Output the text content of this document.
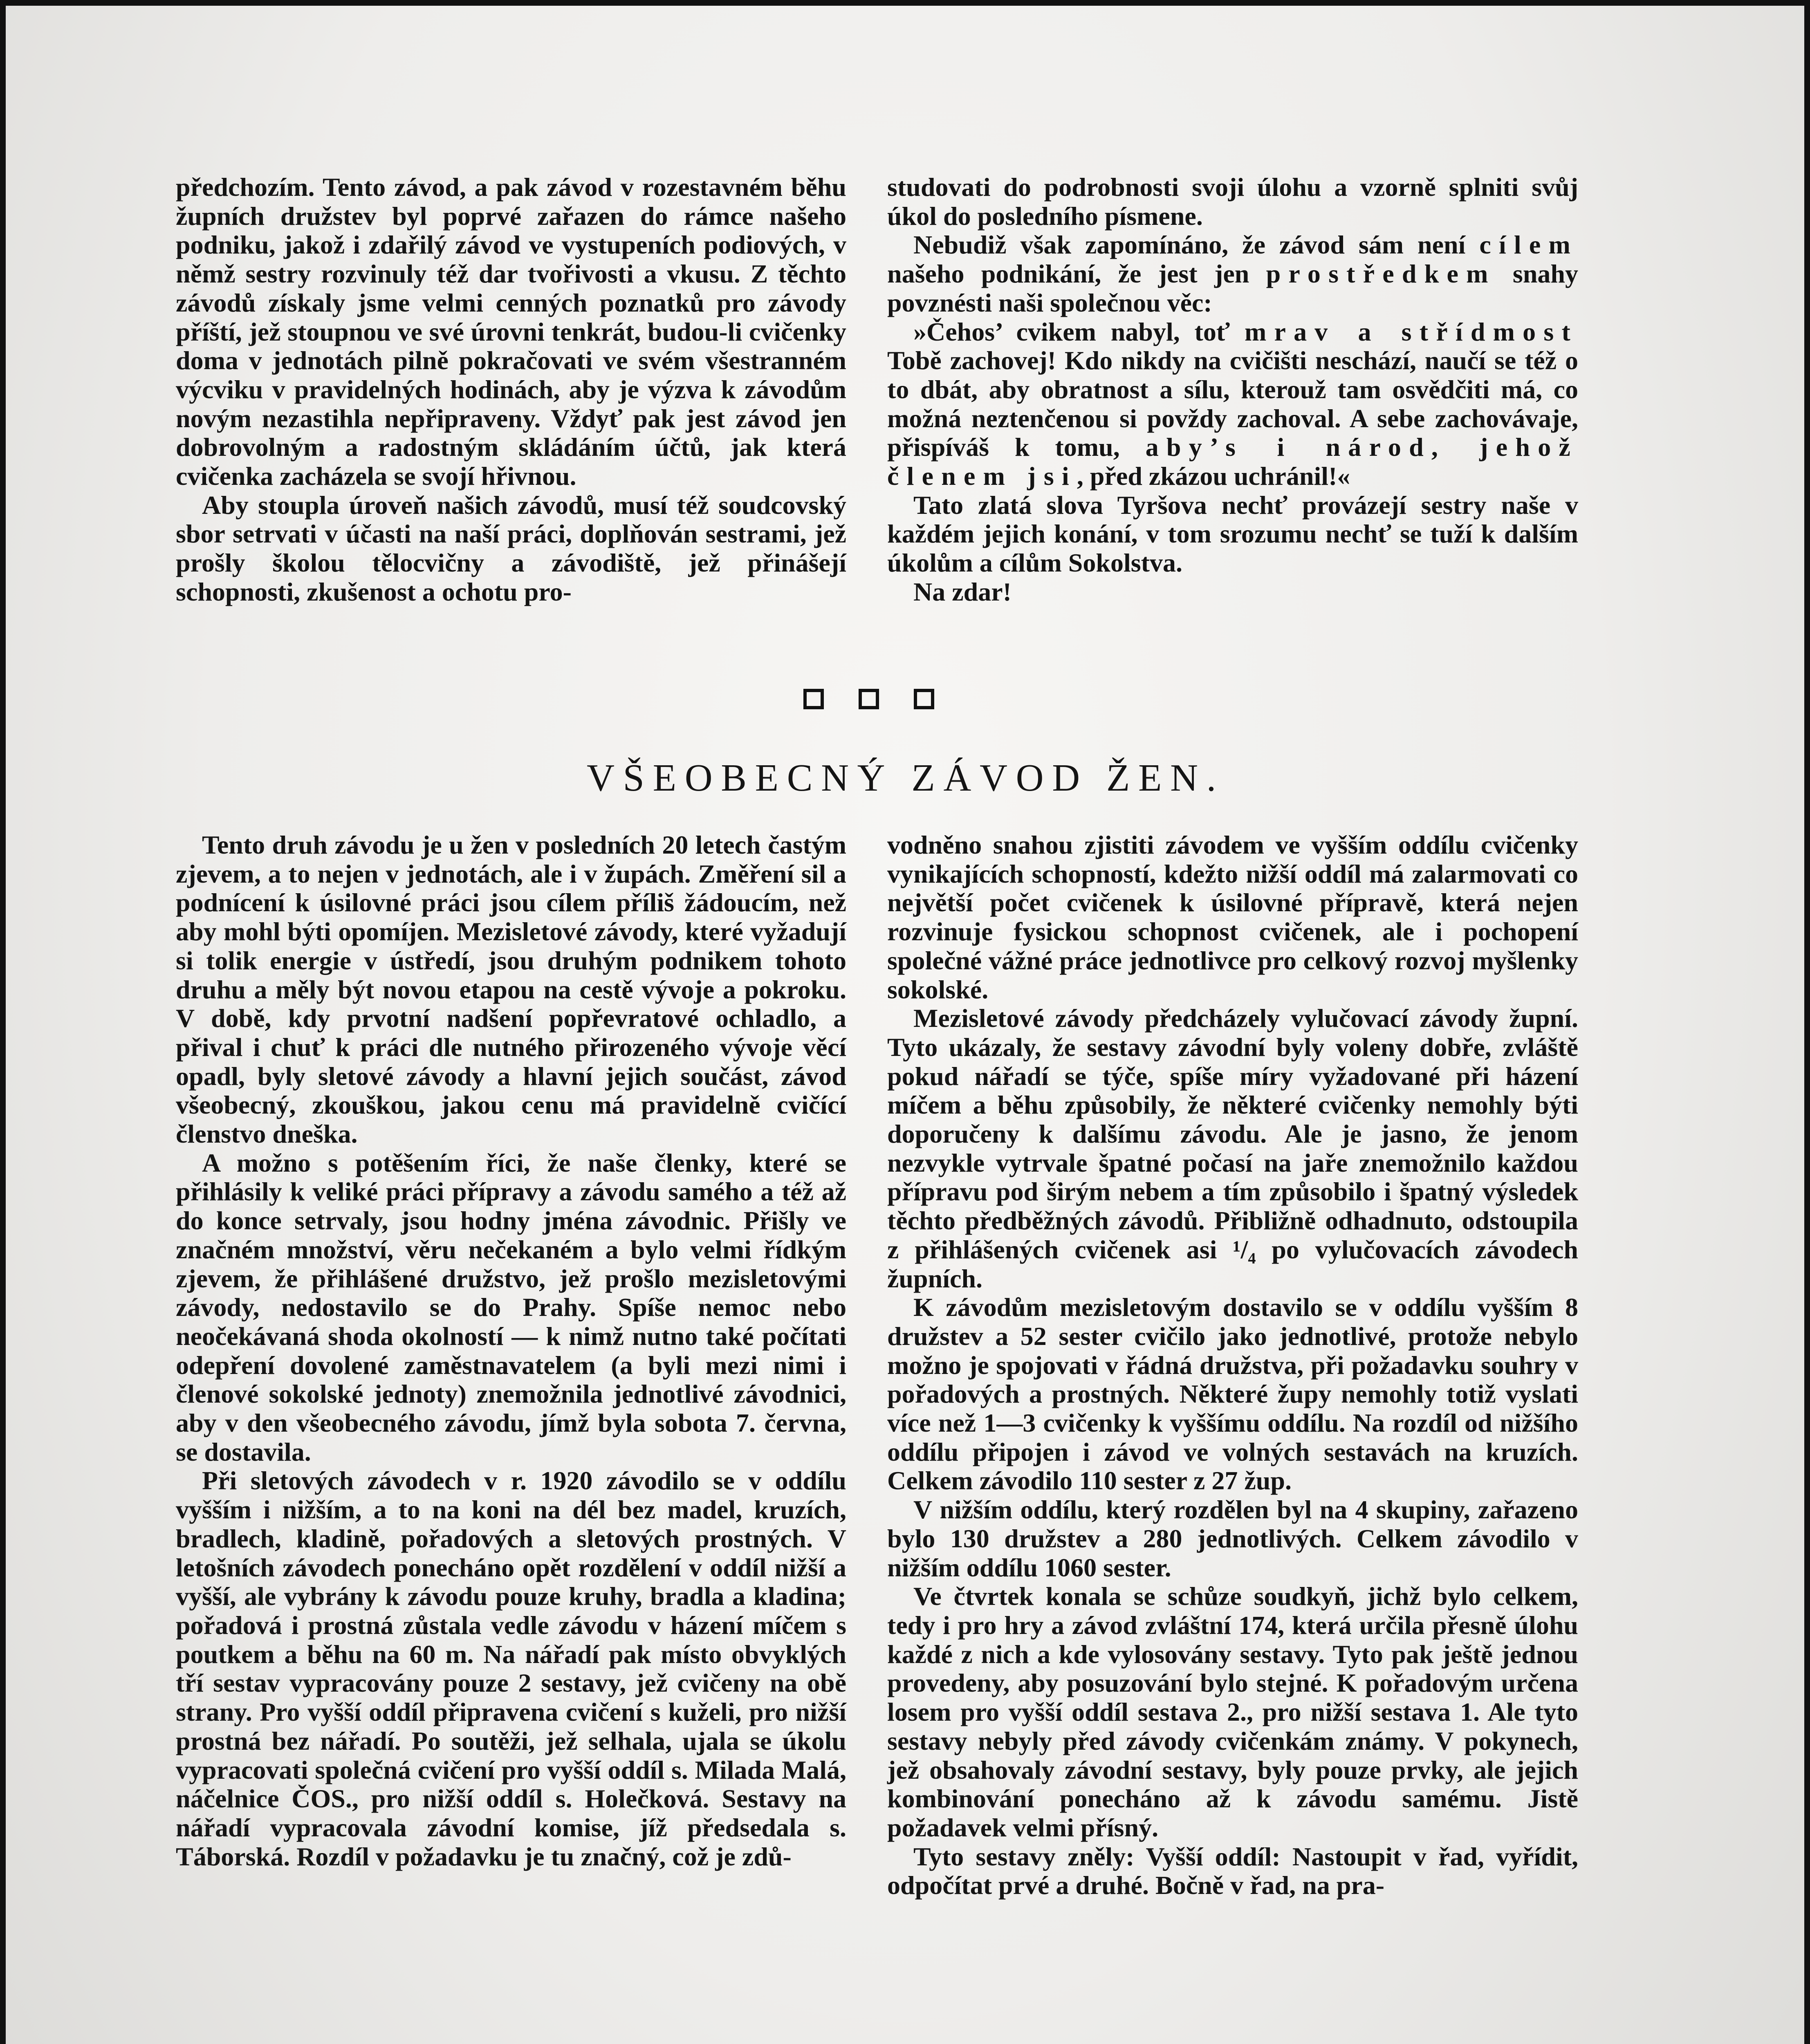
předchozím. Tento závod, a pak závod v rozestavném běhu župních družstev byl poprvé zařazen do rámce našeho podniku, jakož i zdařilý závod ve vystupeních podiových, v němž sestry rozvinuly též dar tvořivosti a vkusu. Z těchto závodů získaly jsme velmi cenných poznatků pro závody příští, jež stoupnou ve své úrovni tenkrát, budou-li cvičenky doma v jednotách pilně pokračovati ve svém všestranném výcviku v pravidelných hodinách, aby je výzva k závodům novým nezastihla nepřipraveny. Vždyť pak jest závod jen dobrovolným a radostným skládáním účtů, jak která cvičenka zacházela se svojí hřivnou.

Aby stoupla úroveň našich závodů, musí též soudcovský sbor setrvati v účasti na naší práci, doplňován sestrami, jež prošly školou tělocvičny a závodiště, jež přinášejí schopnosti, zkušenost a ochotu pro-

studovati do podrobnosti svoji úlohu a vzorně splniti svůj úkol do posledního písmene.

Nebudiž však zapomínáno, že závod sám není cílem našeho podnikání, že jest jen prostředkem snahy povznésti naši společnou věc:

»Čehos’ cvikem nabyl, toť mrav a střídmost Tobě zachovej! Kdo nikdy na cvičišti neschází, naučí se též o to dbát, aby obratnost a sílu, kterouž tam osvědčiti má, co možná neztenčenou si povždy zachoval. A sebe zachovávaje, přispíváš k tomu, aby’s i národ, jehož členem jsi, před zkázou uchránil!«

Tato zlatá slova Tyršova nechť provázejí sestry naše v každém jejich konání, v tom srozumu nechť se tuží k dalším úkolům a cílům Sokolstva.

Na zdar!

VŠEOBECNÝ ZÁVOD ŽEN.

Tento druh závodu je u žen v posledních 20 letech častým zjevem, a to nejen v jednotách, ale i v župách. Změření sil a podnícení k úsilovné práci jsou cílem příliš žádoucím, než aby mohl býti opomíjen. Mezisletové závody, které vyžadují si tolik energie v ústředí, jsou druhým podnikem tohoto druhu a měly být novou etapou na cestě vývoje a pokroku. V době, kdy prvotní nadšení popřevratové ochladlo, a přival i chuť k práci dle nutného přirozeného vývoje věcí opadl, byly sletové závody a hlavní jejich součást, závod všeobecný, zkouškou, jakou cenu má pravidelně cvičící členstvo dneška.

A možno s potěšením říci, že naše členky, které se přihlásily k veliké práci přípravy a závodu samého a též až do konce setrvaly, jsou hodny jména závodnic. Přišly ve značném množství, věru nečekaném a bylo velmi řídkým zjevem, že přihlášené družstvo, jež prošlo mezisletovými závody, nedostavilo se do Prahy. Spíše nemoc nebo neočekávaná shoda okolností — k nimž nutno také počítati odepření dovolené zaměstnavatelem (a byli mezi nimi i členové sokolské jednoty) znemožnila jednotlivé závodnici, aby v den všeobecného závodu, jímž byla sobota 7. června, se dostavila.

Při sletových závodech v r. 1920 závodilo se v oddílu vyšším i nižším, a to na koni na dél bez madel, kruzích, bradlech, kladině, pořadových a sletových prostných. V letošních závodech ponecháno opět rozdělení v oddíl nižší a vyšší, ale vybrány k závodu pouze kruhy, bradla a kladina; pořadová i prostná zůstala vedle závodu v házení míčem s poutkem a běhu na 60 m. Na nářadí pak místo obvyklých tří sestav vypracovány pouze 2 sestavy, jež cvičeny na obě strany. Pro vyšší oddíl připravena cvičení s kuželi, pro nižší prostná bez nářadí. Po soutěži, jež selhala, ujala se úkolu vypracovati společná cvičení pro vyšší oddíl s. Milada Malá, náčelnice ČOS., pro nižší oddíl s. Holečková. Sestavy na nářadí vypracovala závodní komise, jíž předsedala s. Táborská. Rozdíl v požadavku je tu značný, což je zdů-

vodněno snahou zjistiti závodem ve vyšším oddílu cvičenky vynikajících schopností, kdežto nižší oddíl má zalarmovati co největší počet cvičenek k úsilovné přípravě, která nejen rozvinuje fysickou schopnost cvičenek, ale i pochopení společné vážné práce jednotlivce pro celkový rozvoj myšlenky sokolské.

Mezisletové závody předcházely vylučovací závody župní. Tyto ukázaly, že sestavy závodní byly voleny dobře, zvláště pokud nářadí se týče, spíše míry vyžadované při házení míčem a běhu způsobily, že některé cvičenky nemohly býti doporučeny k dalšímu závodu. Ale je jasno, že jenom nezvykle vytrvale špatné počasí na jaře znemožnilo každou přípravu pod širým nebem a tím způsobilo i špatný výsledek těchto předběžných závodů. Přibližně odhadnuto, odstoupila z přihlášených cvičenek asi ¹/₄ po vylučovacích závodech župních.

K závodům mezisletovým dostavilo se v oddílu vyšším 8 družstev a 52 sester cvičilo jako jednotlivé, protože nebylo možno je spojovati v řádná družstva, při požadavku souhry v pořadových a prostných. Některé župy nemohly totiž vyslati více než 1—3 cvičenky k vyššímu oddílu. Na rozdíl od nižšího oddílu připojen i závod ve volných sestavách na kruzích. Celkem závodilo 110 sester z 27 žup.

V nižším oddílu, který rozdělen byl na 4 skupiny, zařazeno bylo 130 družstev a 280 jednotlivých. Celkem závodilo v nižším oddílu 1060 sester.

Ve čtvrtek konala se schůze soudkyň, jichž bylo celkem, tedy i pro hry a závod zvláštní 174, která určila přesně úlohu každé z nich a kde vylosovány sestavy. Tyto pak ještě jednou provedeny, aby posuzování bylo stejné. K pořadovým určena losem pro vyšší oddíl sestava 2., pro nižší sestava 1. Ale tyto sestavy nebyly před závody cvičenkám známy. V pokynech, jež obsahovaly závodní sestavy, byly pouze prvky, ale jejich kombinování ponecháno až k závodu samému. Jistě požadavek velmi přísný.

Tyto sestavy zněly: Vyšší oddíl: Nastoupit v řad, vyřídit, odpočítat prvé a druhé. Bočně v řad, na pra-
